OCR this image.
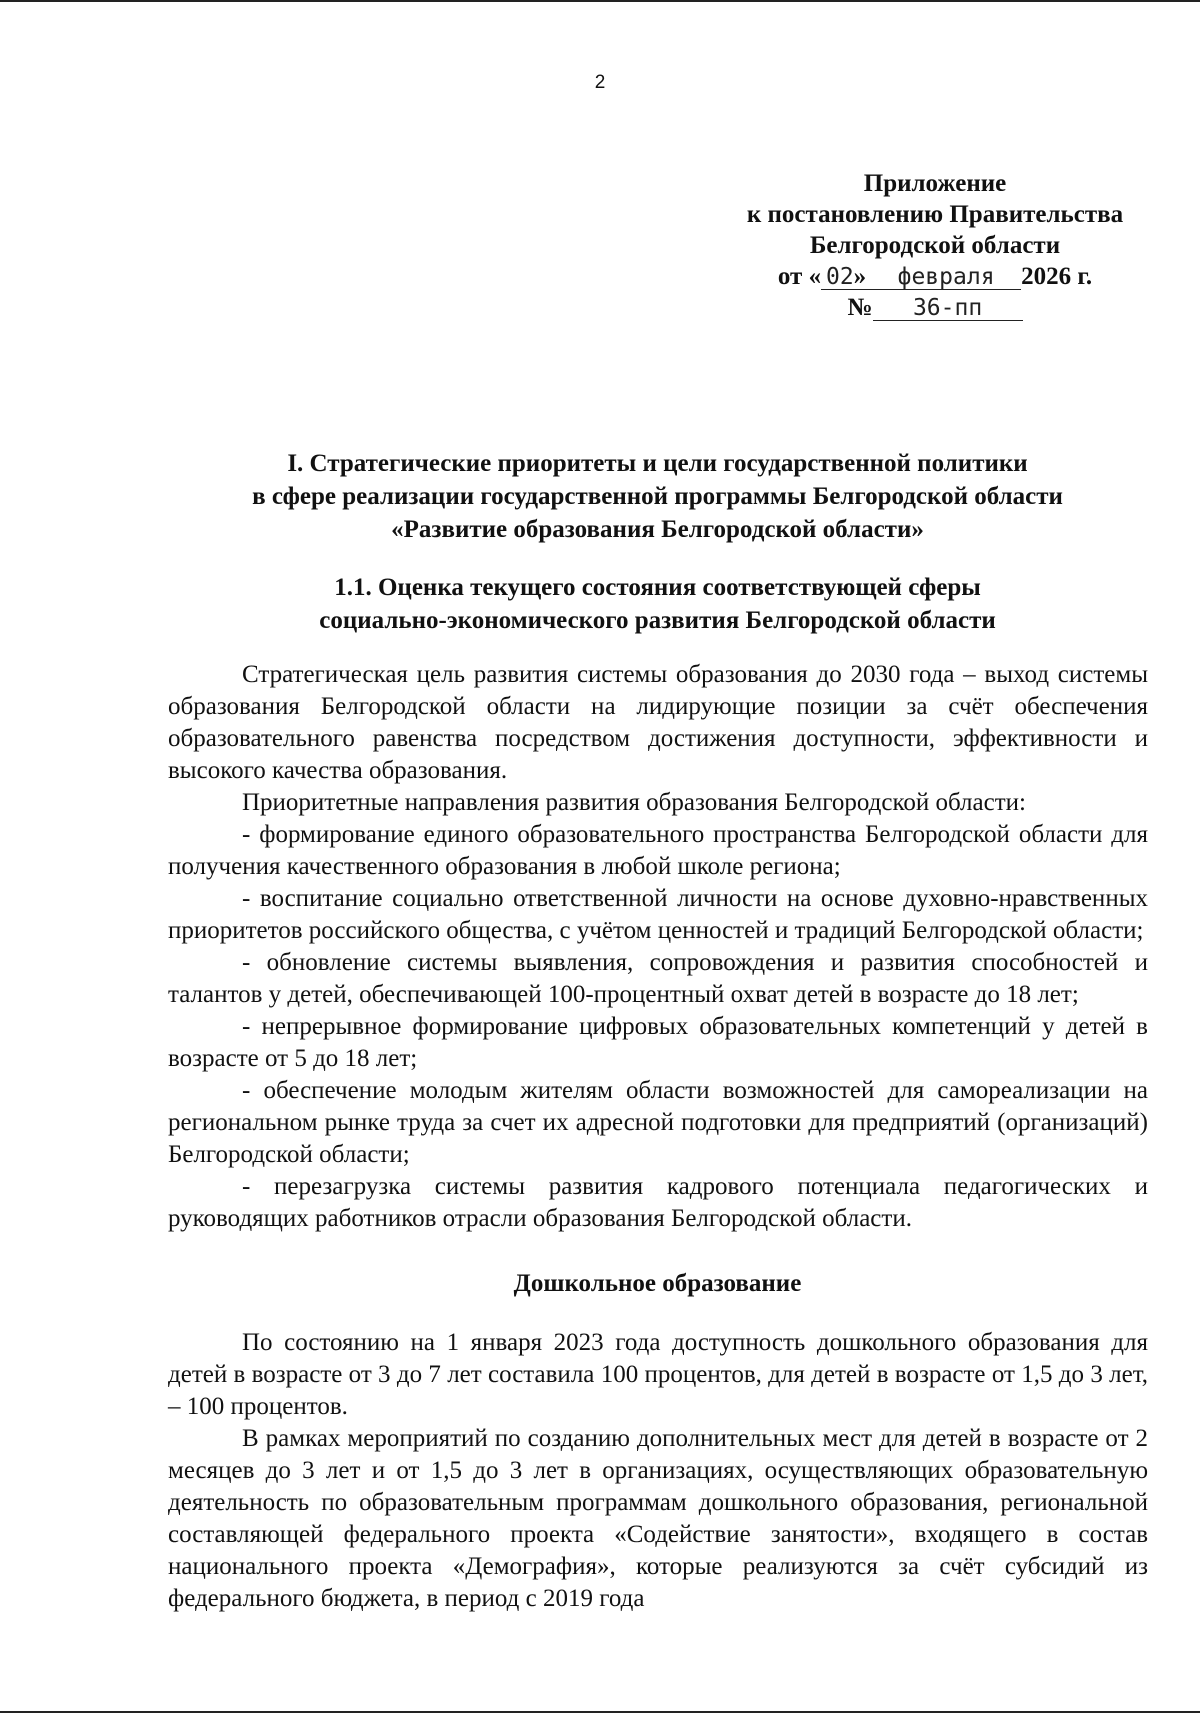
2
Приложение
к постановлению Правительства
Белгородской области
от « 02» февраля 2026 г.
№ 36-пп
I. Стратегические приоритеты и цели государственной политики
в сфере реализации государственной программы Белгородской области
«Развитие образования Белгородской области»
1.1. Оценка текущего состояния соответствующей сферы
социально-экономического развития Белгородской области

Стратегическая цель развития системы образования до 2030 года – выход системы образования Белгородской области на лидирующие позиции за счёт обеспечения образовательного равенства посредством достижения доступности, эффективности и высокого качества образования.

Приоритетные направления развития образования Белгородской области:

- формирование единого образовательного пространства Белгородской области для получения качественного образования в любой школе региона;

- воспитание социально ответственной личности на основе духовно-нравственных приоритетов российского общества, с учётом ценностей и традиций Белгородской области;

- обновление системы выявления, сопровождения и развития способностей и талантов у детей, обеспечивающей 100-процентный охват детей в возрасте до 18 лет;

- непрерывное формирование цифровых образовательных компетенций у детей в возрасте от 5 до 18 лет;

- обеспечение молодым жителям области возможностей для самореализации на региональном рынке труда за счет их адресной подготовки для предприятий (организаций) Белгородской области;

- перезагрузка системы развития кадрового потенциала педагогических и руководящих работников отрасли образования Белгородской области.

Дошкольное образование

По состоянию на 1 января 2023 года доступность дошкольного образования для детей в возрасте от 3 до 7 лет составила 100 процентов, для детей в возрасте от 1,5 до 3 лет, – 100 процентов.

В рамках мероприятий по созданию дополнительных мест для детей в возрасте от 2 месяцев до 3 лет и от 1,5 до 3 лет в организациях, осуществляющих образовательную деятельность по образовательным программам дошкольного образования, региональной составляющей федерального проекта «Содействие занятости», входящего в состав национального проекта «Демография», которые реализуются за счёт субсидий из федерального бюджета, в период с 2019 года
